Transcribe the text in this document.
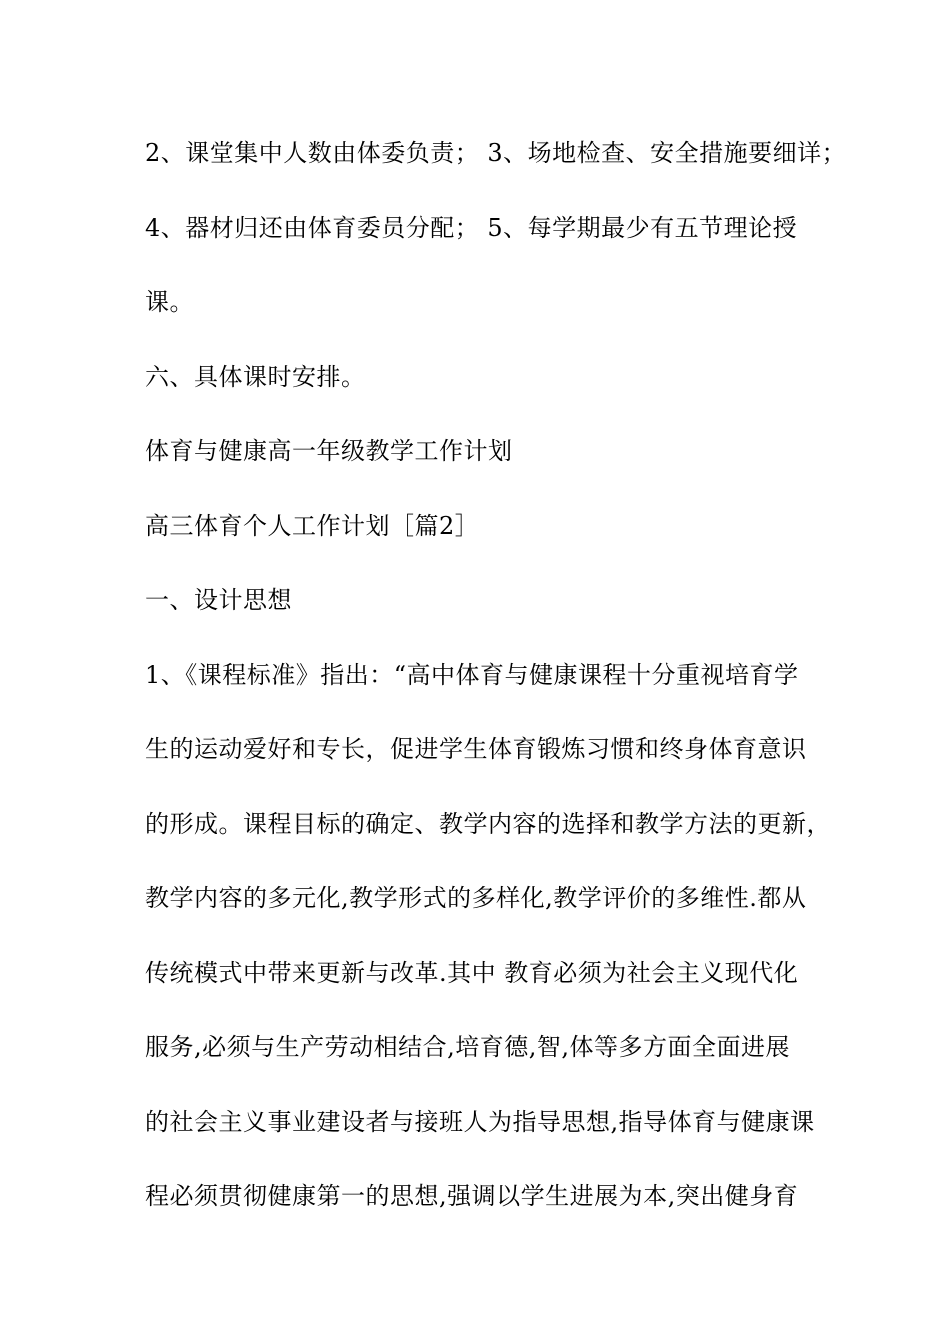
2、课堂集中人数由体委负责； 3、场地检查、安全措施要细详；
4、器材归还由体育委员分配； 5、每学期最少有五节理论授
课。
六、具体课时安排。
体育与健康高一年级教学工作计划
高三体育个人工作计划［篇2］
一、设计思想
1、《课程标准》指出：“高中体育与健康课程十分重视培育学
生的运动爱好和专长，促进学生体育锻炼习惯和终身体育意识
的形成。课程目标的确定、教学内容的选择和教学方法的更新，
教学内容的多元化,教学形式的多样化,教学评价的多维性.都从
传统模式中带来更新与改革.其中 教育必须为社会主义现代化
服务,必须与生产劳动相结合,培育德,智,体等多方面全面进展
的社会主义事业建设者与接班人为指导思想,指导体育与健康课
程必须贯彻健康第一的思想,强调以学生进展为本,突出健身育
